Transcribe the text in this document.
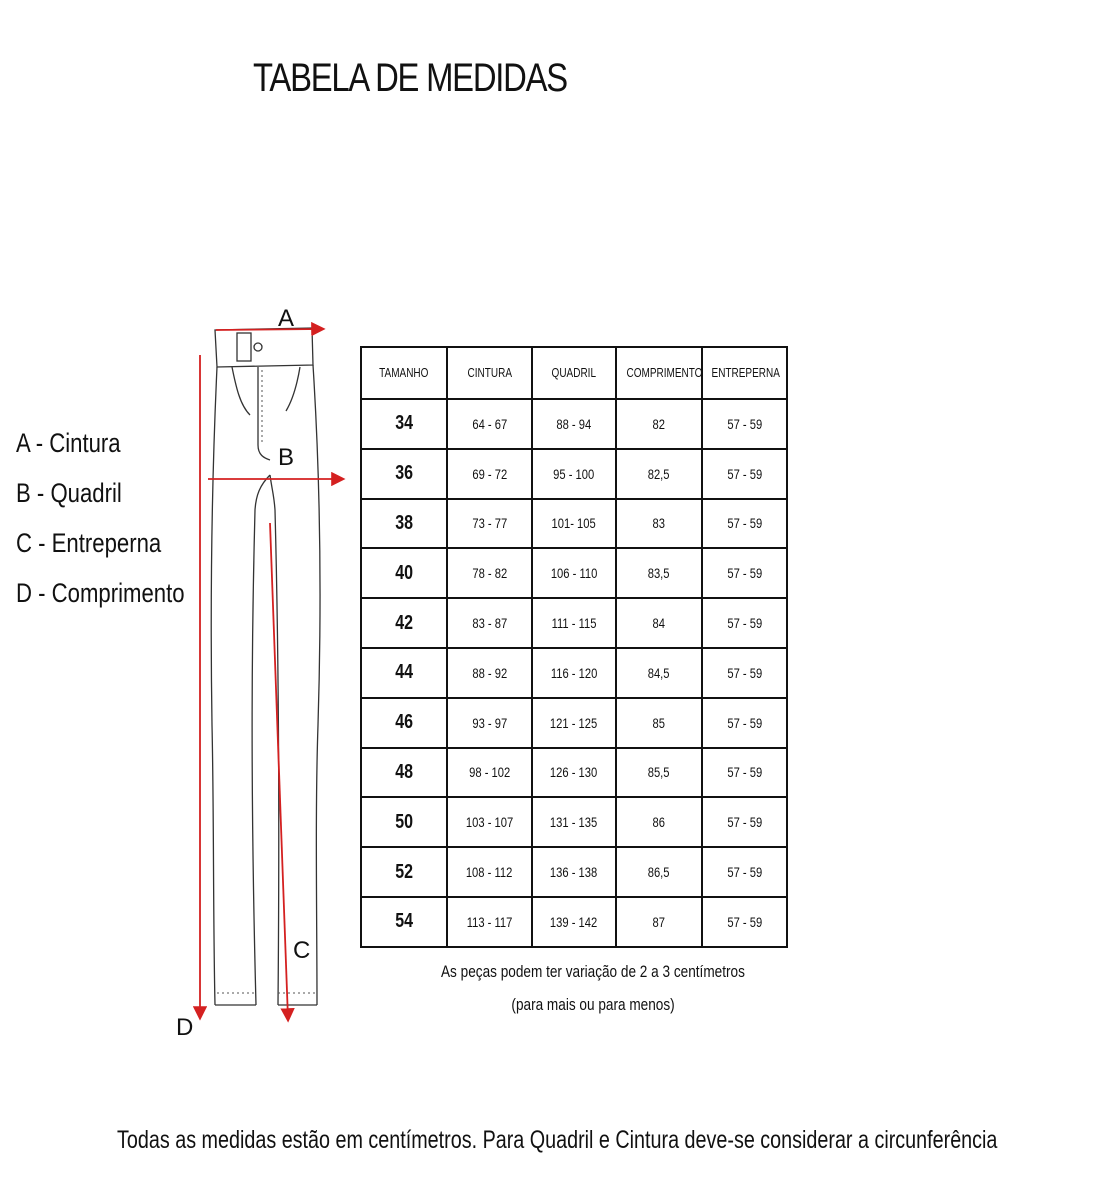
TABELA DE MEDIDAS
A - Cintura
B - Quadril
C - Entreperna
D - Comprimento
A
B
C
D
TAMANHO	CINTURA	QUADRIL	COMPRIMENTO	ENTREPERNA
34	64 - 67	88 - 94	82	57 - 59
36	69 - 72	95 - 100	82,5	57 - 59
38	73 - 77	101- 105	83	57 - 59
40	78 - 82	106 - 110	83,5	57 - 59
42	83 - 87	111 - 115	84	57 - 59
44	88 - 92	116 - 120	84,5	57 - 59
46	93 - 97	121 - 125	85	57 - 59
48	98 - 102	126 - 130	85,5	57 - 59
50	103 - 107	131 - 135	86	57 - 59
52	108 - 112	136 - 138	86,5	57 - 59
54	113 - 117	139 - 142	87	57 - 59
As peças podem ter variação de 2 a 3 centímetros
(para mais ou para menos)
Todas as medidas estão em centímetros. Para Quadril e Cintura deve-se considerar a circunferência
